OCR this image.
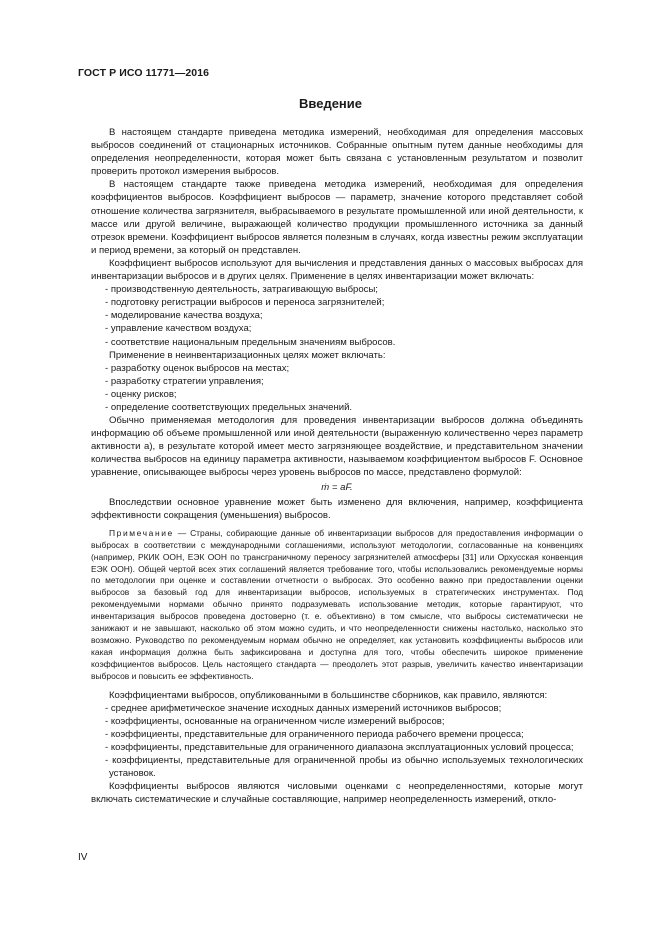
ГОСТ Р ИСО 11771—2016
Введение

В настоящем стандарте приведена методика измерений, необходимая для определения массовых выбросов соединений от стационарных источников. Собранные опытным путем данные необходимы для определения неопределенности, которая может быть связана с установленным результатом и позволит проверить протокол измерения выбросов.

В настоящем стандарте также приведена методика измерений, необходимая для определения коэффициентов выбросов. Коэффициент выбросов — параметр, значение которого представляет собой отношение количества загрязнителя, выбрасываемого в результате промышленной или иной деятельности, к массе или другой величине, выражающей количество продукции промышленного источника за данный отрезок времени. Коэффициент выбросов является полезным в случаях, когда известны режим эксплуатации и период времени, за который он представлен.

Коэффициент выбросов используют для вычисления и представления данных о массовых выбросах для инвентаризации выбросов и в других целях. Применение в целях инвентаризации может включать:

- производственную деятельность, затрагивающую выбросы;
- подготовку регистрации выбросов и переноса загрязнителей;
- моделирование качества воздуха;
- управление качеством воздуха;
- соответствие национальным предельным значениям выбросов.

Применение в неинвентаризационных целях может включать:

- разработку оценок выбросов на местах;
- разработку стратегии управления;
- оценку рисков;
- определение соответствующих предельных значений.

Обычно применяемая методология для проведения инвентаризации выбросов должна объединять информацию об объеме промышленной или иной деятельности (выраженную количественно через параметр активности а), в результате которой имеет место загрязняющее воздействие, и представительном значении количества выбросов на единицу параметра активности, называемом коэффициентом выбросов F. Основное уравнение, описывающее выбросы через уровень выбросов по массе, представлено формулой:

ṁ = aF.

Впоследствии основное уравнение может быть изменено для включения, например, коэффициента эффективности сокращения (уменьшения) выбросов.

Примечание — Страны, собирающие данные об инвентаризации выбросов для предоставления информации о выбросах в соответствии с международными соглашениями, используют методологии, согласованные на конвенциях (например, РКИК ООН, ЕЭК ООН по трансграничному переносу загрязнителей атмосферы [31] или Орхусская конвенция ЕЭК ООН). Общей чертой всех этих соглашений является требование того, чтобы использовались рекомендуемые нормы по методологии при оценке и составлении отчетности о выбросах. Это особенно важно при предоставлении оценки выбросов за базовый год для инвентаризации выбросов, используемых в стратегических инструментах. Под рекомендуемыми нормами обычно принято подразумевать использование методик, которые гарантируют, что инвентаризация выбросов проведена достоверно (т. е. объективно) в том смысле, что выбросы систематически не занижают и не завышают, насколько об этом можно судить, и что неопределенности снижены настолько, насколько это возможно. Руководство по рекомендуемым нормам обычно не определяет, как установить коэффициенты выбросов или какая информация должна быть зафиксирована и доступна для того, чтобы обеспечить широкое применение коэффициентов выбросов. Цель настоящего стандарта — преодолеть этот разрыв, увеличить качество инвентаризации выбросов и повысить ее эффективность.

Коэффициентами выбросов, опубликованными в большинстве сборников, как правило, являются:

- среднее арифметическое значение исходных данных измерений источников выбросов;
- коэффициенты, основанные на ограниченном числе измерений выбросов;
- коэффициенты, представительные для ограниченного периода рабочего времени процесса;
- коэффициенты, представительные для ограниченного диапазона эксплуатационных условий процесса;
- коэффициенты, представительные для ограниченной пробы из обычно используемых технологических установок.

Коэффициенты выбросов являются числовыми оценками с неопределенностями, которые могут включать систематические и случайные составляющие, например неопределенность измерений, откло-

IV
